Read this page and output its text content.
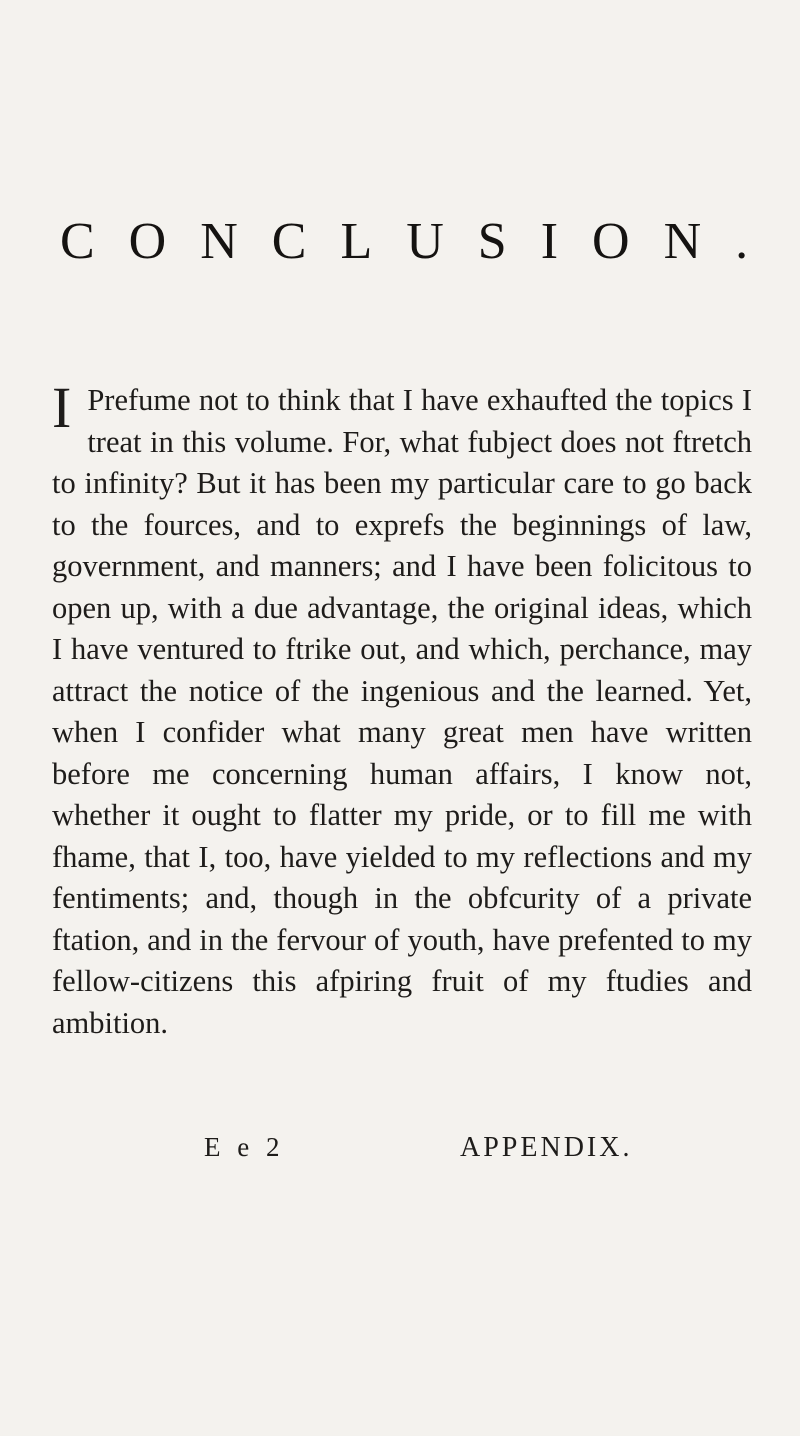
CONCLUSION.
I Prefume not to think that I have exhaufted the topics I treat in this volume. For, what fubject does not ftretch to infinity? But it has been my particular care to go back to the fources, and to exprefs the beginnings of law, government, and manners; and I have been folicitous to open up, with a due advantage, the original ideas, which I have ventured to ftrike out, and which, perchance, may attract the notice of the ingenious and the learned. Yet, when I confider what many great men have written before me concerning human affairs, I know not, whether it ought to flatter my pride, or to fill me with fhame, that I, too, have yielded to my reflections and my fentiments; and, though in the obfcurity of a private ftation, and in the fervour of youth, have prefented to my fellow-citizens this afpiring fruit of my ftudies and ambition.
E e 2	APPENDIX.
